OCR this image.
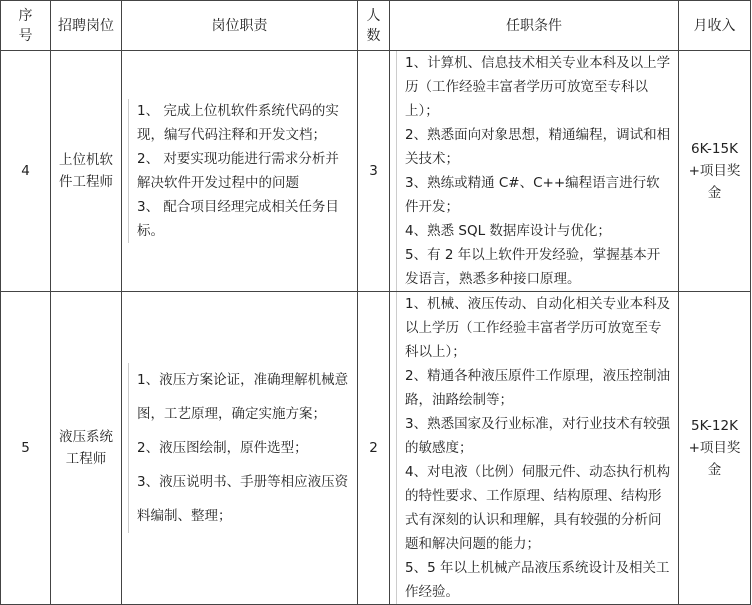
序号	招聘岗位	岗位职责	人数	任职条件	月收入
4	上位机软件工程师	1、 完成上位机软件系统代码的实现，编写代码注释和开发文档；
2、 对要实现功能进行需求分析并解决软件开发过程中的问题
3、 配合项目经理完成相关任务目标。	3	1、计算机、信息技术相关专业本科及以上学历（工作经验丰富者学历可放宽至专科以上）；
2、熟悉面向对象思想，精通编程，调试和相关技术；
3、熟练或精通 C#、C++编程语言进行软件开发；
4、熟悉 SQL 数据库设计与优化；
5、有 2 年以上软件开发经验，掌握基本开发语言，熟悉多种接口原理。	6K-15K +项目奖金

5	液压系统工程师	1、液压方案论证，准确理解机械意图，工艺原理，确定实施方案；
2、液压图绘制，原件选型；
3、液压说明书、手册等相应液压资料编制、整理；	2	1、机械、液压传动、自动化相关专业本科及以上学历（工作经验丰富者学历可放宽至专科以上）；
2、精通各种液压原件工作原理，液压控制油路，油路绘制等；
3、熟悉国家及行业标准，对行业技术有较强的敏感度；
4、对电液（比例）伺服元件、动态执行机构的特性要求、工作原理、结构原理、结构形式有深刻的认识和理解，具有较强的分析问题和解决问题的能力；
5、5 年以上机械产品液压系统设计及相关工作经验。	5K-12K +项目奖金
